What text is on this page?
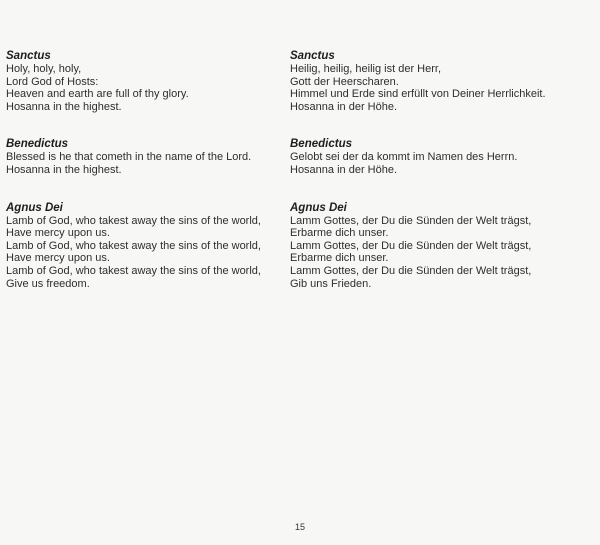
Sanctus
Holy, holy, holy,
Lord God of Hosts:
Heaven and earth are full of thy glory.
Hosanna in the highest.
Benedictus
Blessed is he that cometh in the name of the Lord.
Hosanna in the highest.
Agnus Dei
Lamb of God, who takest away the sins of the world,
Have mercy upon us.
Lamb of God, who takest away the sins of the world,
Have mercy upon us.
Lamb of God, who takest away the sins of the world,
Give us freedom.
Sanctus
Heilig, heilig, heilig ist der Herr,
Gott der Heerscharen.
Himmel und Erde sind erfüllt von Deiner Herrlichkeit.
Hosanna in der Höhe.
Benedictus
Gelobt sei der da kommt im Namen des Herrn.
Hosanna in der Höhe.
Agnus Dei
Lamm Gottes, der Du die Sünden der Welt trägst,
Erbarme dich unser.
Lamm Gottes, der Du die Sünden der Welt trägst,
Erbarme dich unser.
Lamm Gottes, der Du die Sünden der Welt trägst,
Gib uns Frieden.
15
